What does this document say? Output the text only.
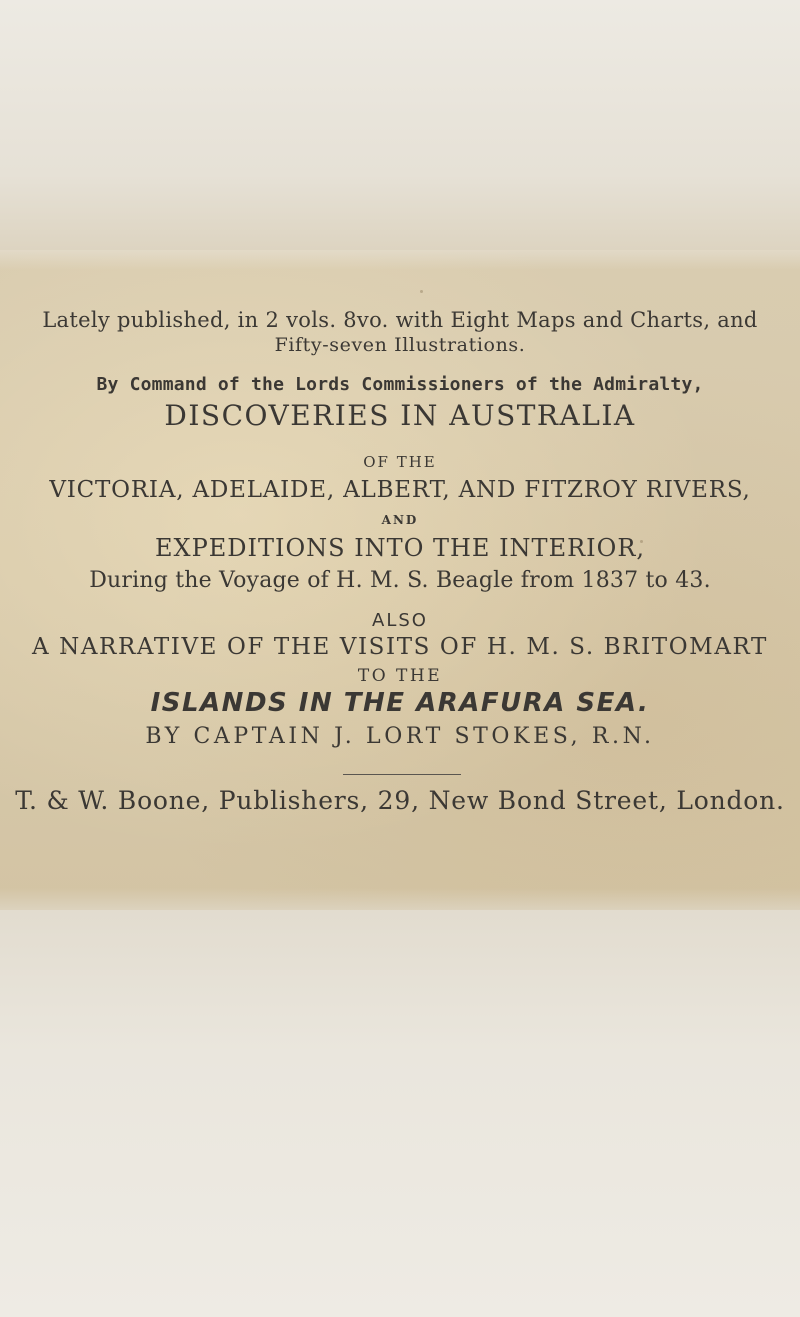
Lately published, in 2 vols. 8vo. with Eight Maps and Charts, and
Fifty-seven Illustrations.
By Command of the Lords Commissioners of the Admiralty,
DISCOVERIES IN AUSTRALIA
OF THE
VICTORIA, ADELAIDE, ALBERT, AND FITZROY RIVERS,
AND
EXPEDITIONS INTO THE INTERIOR,
During the Voyage of H. M. S. Beagle from 1837 to 43.
ALSO
A NARRATIVE OF THE VISITS OF H. M. S. BRITOMART
TO THE
ISLANDS IN THE ARAFURA SEA.
BY CAPTAIN J. LORT STOKES, R.N.
T. & W. Boone, Publishers, 29, New Bond Street, London.
